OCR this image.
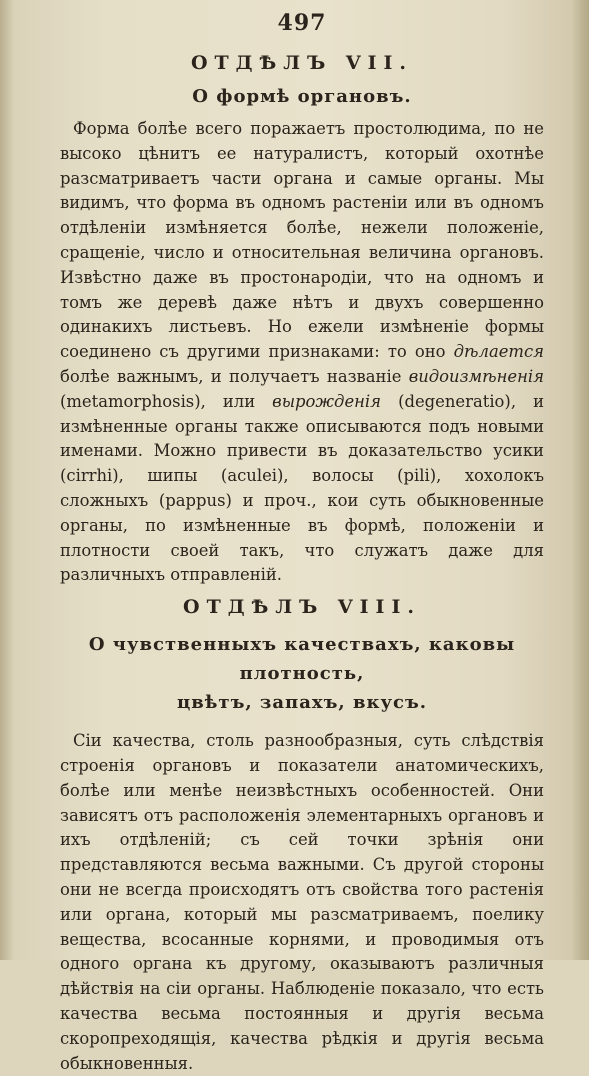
497
ОТДѢЛЪ VII.
О формѣ органовъ.

Форма болѣе всего поражаетъ простолюдима, по не высоко цѣнитъ ее натуралистъ, который охотнѣе разсматриваетъ части органа и самые органы. Мы видимъ, что форма въ одномъ растенiи или въ одномъ отдѣленiи измѣняется болѣе, нежели положенiе, сращенiе, число и относительная величина органовъ. Извѣстно даже въ простонародiи, что на одномъ и томъ же деревѣ даже нѣтъ и двухъ совершенно одинакихъ листьевъ. Но ежели измѣненiе формы соединено съ другими признаками: то оно дѣлается болѣе важнымъ, и получаетъ названiе видоизмѣненiя (metamorphosis), или вырожденiя (degeneratio), и измѣненные органы также описываются подъ новыми именами. Можно привести въ доказательство усики (cirrhi), шипы (aculei), волосы (pili), хохолокъ сложныхъ (pappus) и проч., кои суть обыкновенные органы, по измѣненные въ формѣ, положенiи и плотности своей такъ, что служатъ даже для различныхъ отправленiй.

ОТДѢЛЪ VIII.
О чувственныхъ качествахъ, каковы плотность,
цвѣтъ, запахъ, вкусъ.

Сiи качества, столь разнообразныя, суть слѣдствiя строенiя органовъ и показатели анатомическихъ, болѣе или менѣе неизвѣстныхъ особенностей. Они зависятъ отъ расположенiя элементарныхъ органовъ и ихъ отдѣленiй; съ сей точки зрѣнiя они представляются весьма важными. Съ другой стороны они не всегда происходятъ отъ свойства того растенiя или органа, который мы разсматриваемъ, поелику вещества, всосанные корнями, и проводимыя отъ одного органа къ другому, оказываютъ различныя дѣйствiя на сiи органы. Наблюденiе показало, что есть качества весьма постоянныя и другiя весьма скоропреходящiя, качества рѣдкiя и другiя весьма обыкновенныя.
